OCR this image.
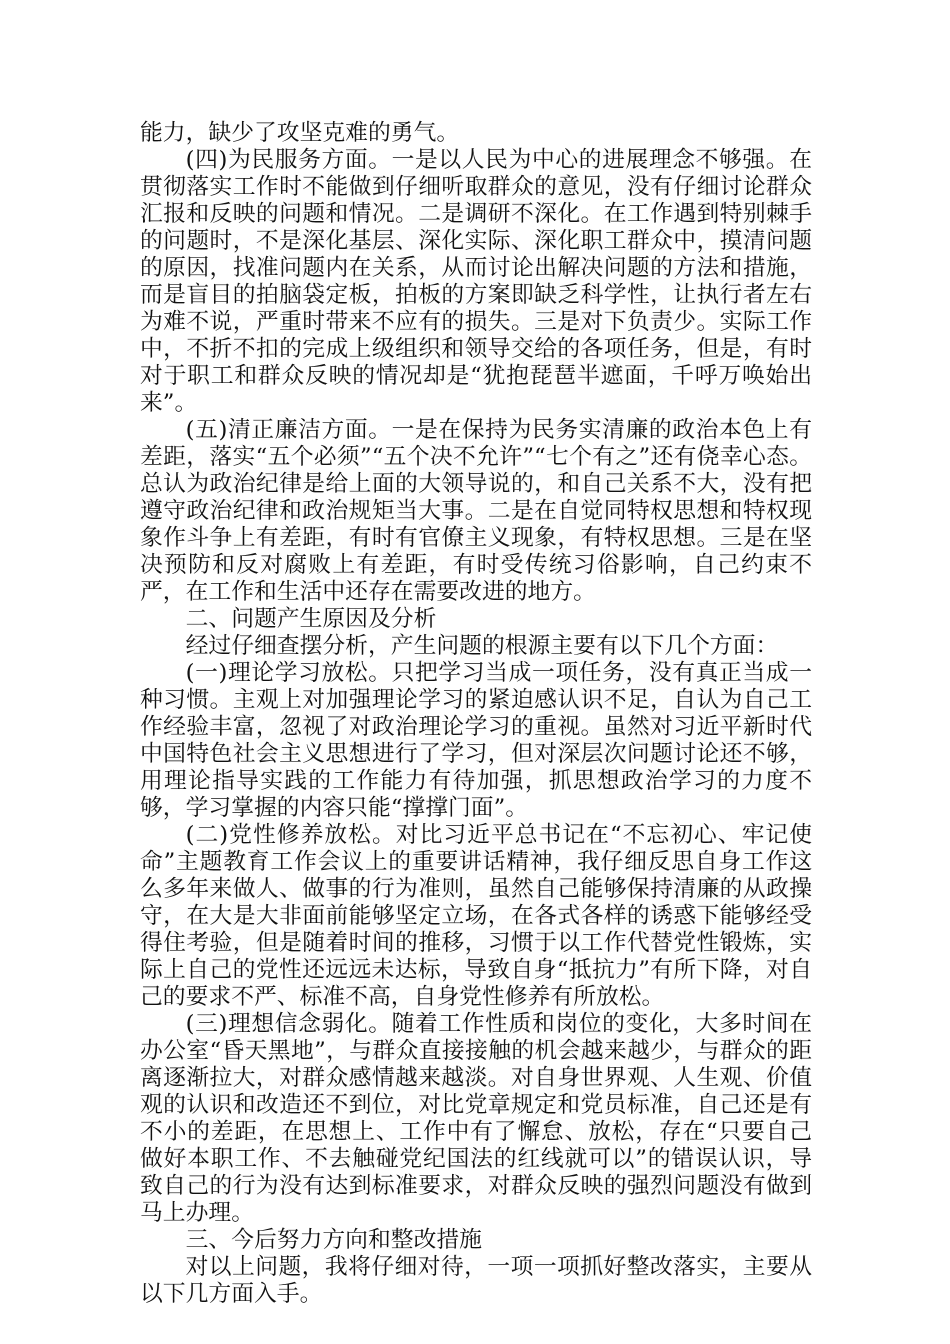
能力，缺少了攻坚克难的勇气。

(四)为民服务方面。一是以人民为中心的进展理念不够强。在贯彻落实工作时不能做到仔细听取群众的意见，没有仔细讨论群众汇报和反映的问题和情况。二是调研不深化。在工作遇到特别棘手的问题时，不是深化基层、深化实际、深化职工群众中，摸清问题的原因，找准问题内在关系，从而讨论出解决问题的方法和措施，而是盲目的拍脑袋定板，拍板的方案即缺乏科学性，让执行者左右为难不说，严重时带来不应有的损失。三是对下负责少。实际工作中，不折不扣的完成上级组织和领导交给的各项任务，但是，有时对于职工和群众反映的情况却是“犹抱琵琶半遮面，千呼万唤始出来”。

(五)清正廉洁方面。一是在保持为民务实清廉的政治本色上有差距，落实“五个必须”“五个决不允许”“七个有之”还有侥幸心态。总认为政治纪律是给上面的大领导说的，和自己关系不大，没有把遵守政治纪律和政治规矩当大事。二是在自觉同特权思想和特权现象作斗争上有差距，有时有官僚主义现象，有特权思想。三是在坚决预防和反对腐败上有差距，有时受传统习俗影响，自己约束不严，在工作和生活中还存在需要改进的地方。

二、问题产生原因及分析

经过仔细查摆分析，产生问题的根源主要有以下几个方面：

(一)理论学习放松。只把学习当成一项任务，没有真正当成一种习惯。主观上对加强理论学习的紧迫感认识不足，自认为自己工作经验丰富，忽视了对政治理论学习的重视。虽然对习近平新时代中国特色社会主义思想进行了学习，但对深层次问题讨论还不够，用理论指导实践的工作能力有待加强，抓思想政治学习的力度不够，学习掌握的内容只能“撑撑门面”。

(二)党性修养放松。对比习近平总书记在“不忘初心、牢记使命”主题教育工作会议上的重要讲话精神，我仔细反思自身工作这么多年来做人、做事的行为准则，虽然自己能够保持清廉的从政操守，在大是大非面前能够坚定立场，在各式各样的诱惑下能够经受得住考验，但是随着时间的推移，习惯于以工作代替党性锻炼，实际上自己的党性还远远未达标，导致自身“抵抗力”有所下降，对自己的要求不严、标准不高，自身党性修养有所放松。

(三)理想信念弱化。随着工作性质和岗位的变化，大多时间在办公室“昏天黑地”，与群众直接接触的机会越来越少，与群众的距离逐渐拉大，对群众感情越来越淡。对自身世界观、人生观、价值观的认识和改造还不到位，对比党章规定和党员标准，自己还是有不小的差距，在思想上、工作中有了懈怠、放松，存在“只要自己做好本职工作、不去触碰党纪国法的红线就可以”的错误认识，导致自己的行为没有达到标准要求，对群众反映的强烈问题没有做到马上办理。

三、今后努力方向和整改措施

对以上问题，我将仔细对待，一项一项抓好整改落实，主要从以下几方面入手。
